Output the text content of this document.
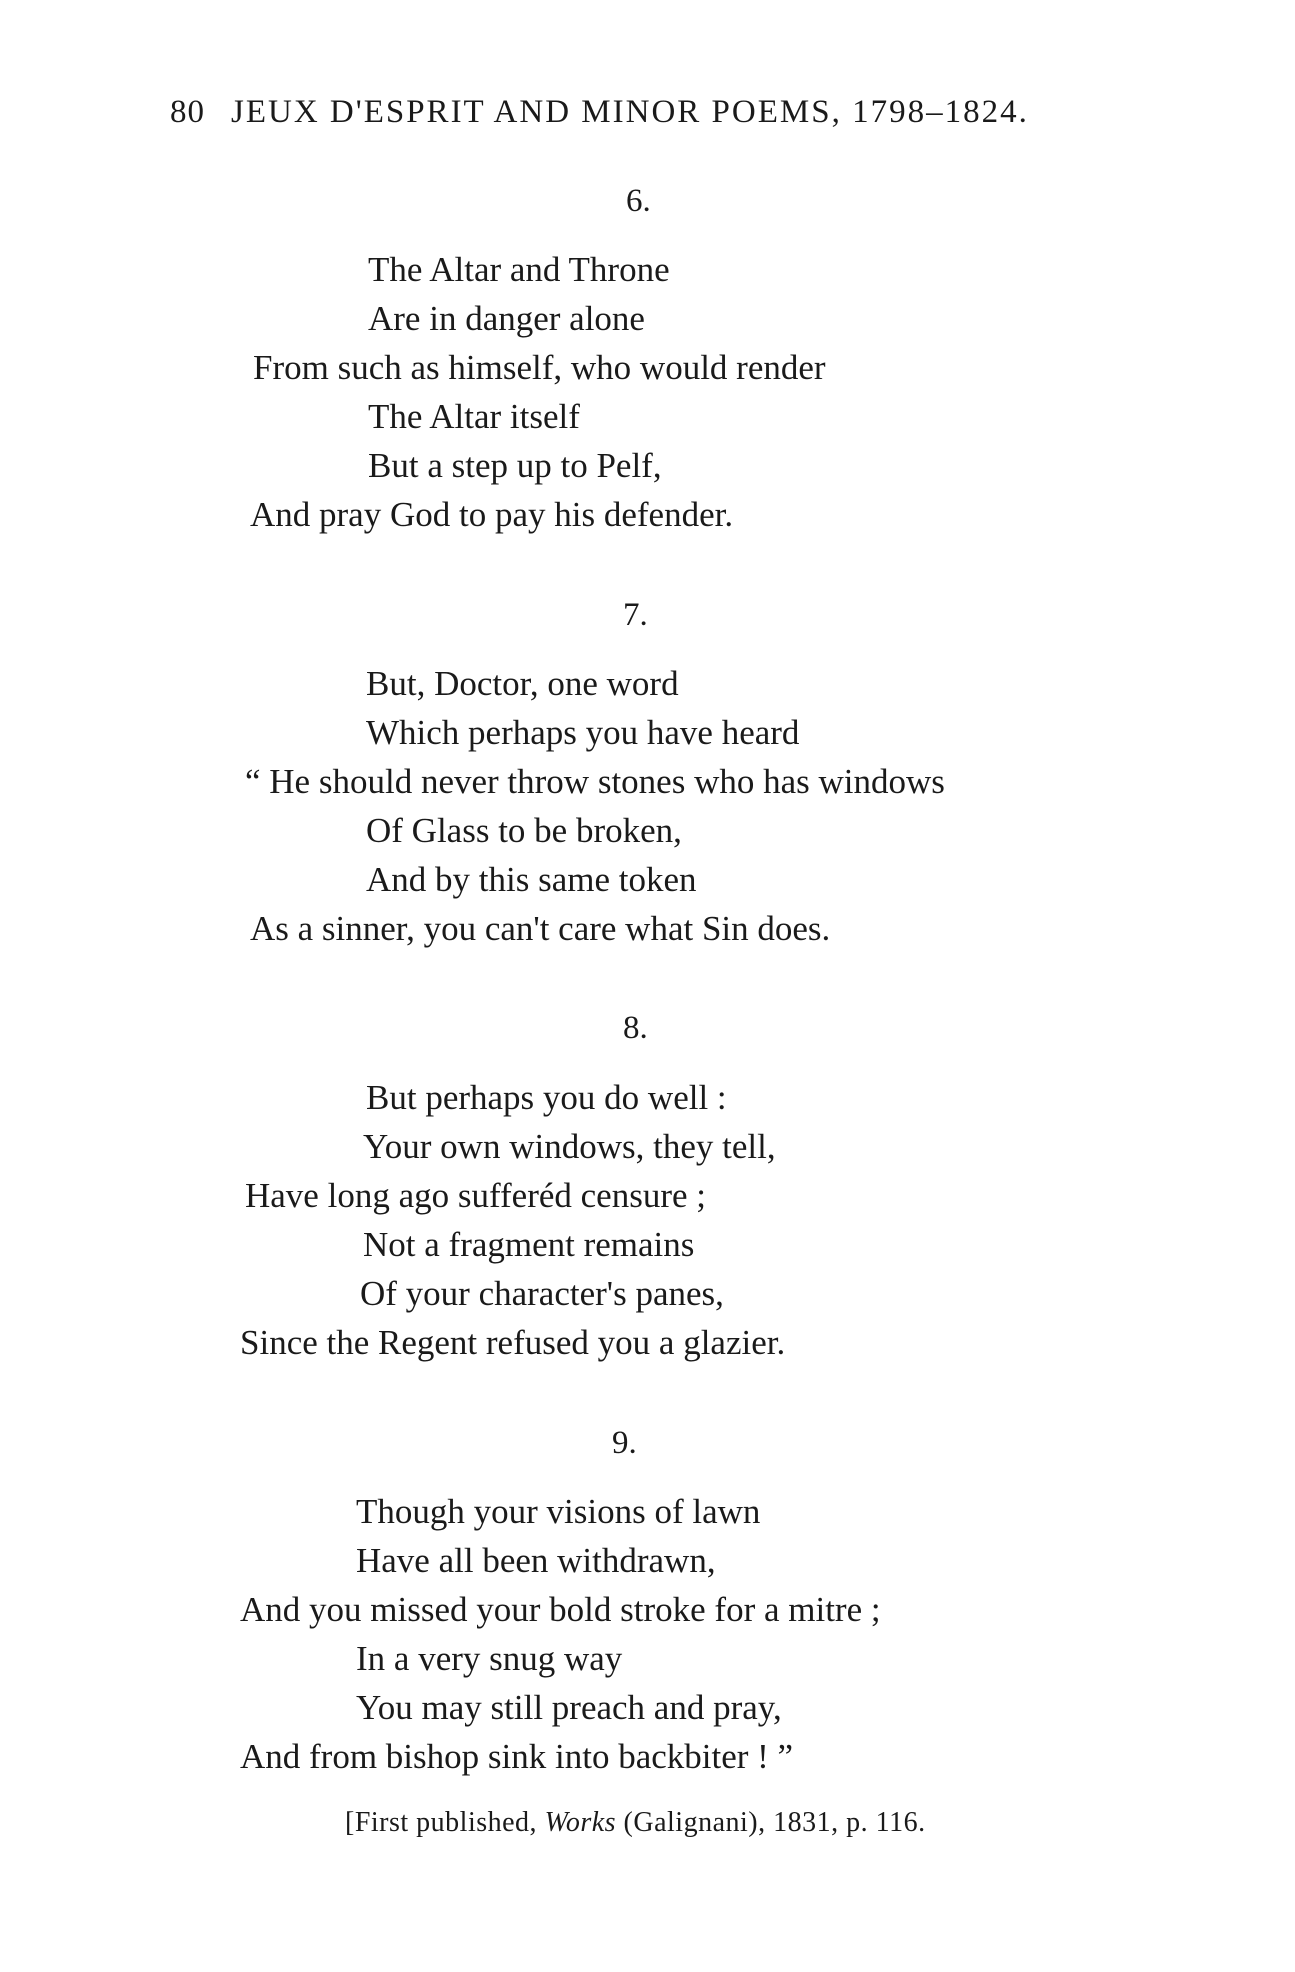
80 JEUX D'ESPRIT AND MINOR POEMS, 1798–1824.
6.
The Altar and Throne
Are in danger alone
From such as himself, who would render
The Altar itself
But a step up to Pelf,
And pray God to pay his defender.
7.
But, Doctor, one word
Which perhaps you have heard
“ He should never throw stones who has windows
Of Glass to be broken,
And by this same token
As a sinner, you can't care what Sin does.
8.
But perhaps you do well :
Your own windows, they tell,
Have long ago sufferéd censure ;
Not a fragment remains
Of your character's panes,
Since the Regent refused you a glazier.
9.
Though your visions of lawn
Have all been withdrawn,
And you missed your bold stroke for a mitre ;
In a very snug way
You may still preach and pray,
And from bishop sink into backbiter ! ”
[First published, Works (Galignani), 1831, p. 116.
